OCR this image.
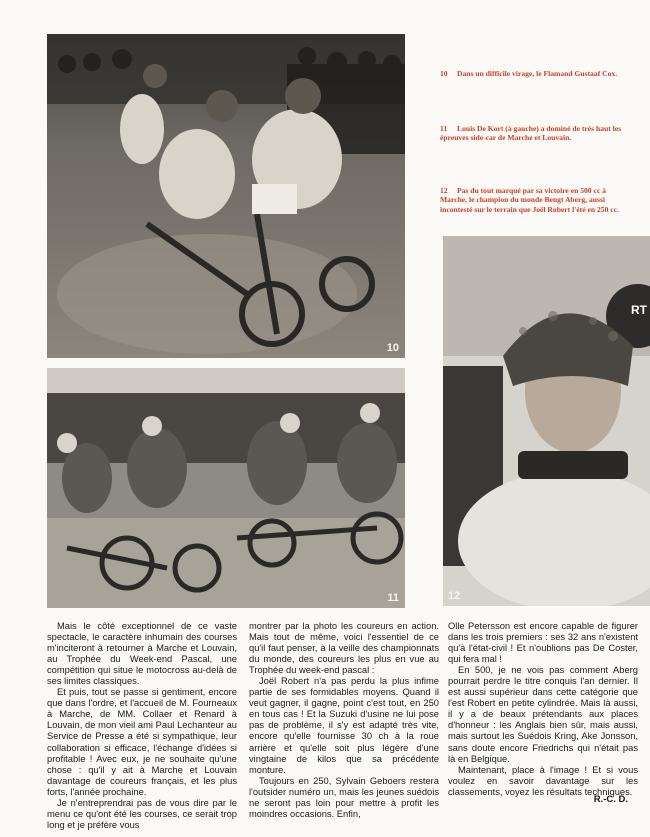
10
11
RT
12
10 Dans un difficile virage, le Flamand Gustaaf Cox.
11 Louis De Kort (à gauche) a dominé de très haut les épreuves side-car de Marche et Louvain.
12 Pas du tout marqué par sa victoire en 500 cc à Marche, le champion du monde Bengt Aberg, aussi incontesté sur le terrain que Joël Robert l'été en 250 cc.

Mais le côté exceptionnel de ce vaste spectacle, le caractère inhumain des courses m'inciteront à retourner à Marche et Louvain, au Trophée du Week-end Pascal, une compétition qui situe le motocross au-delà de ses limites classiques.

Et puis, tout se passe si gentiment, encore que dans l'ordre, et l'accueil de M. Fourneaux à Marche, de MM. Collaer et Renard à Louvain, de mon vieil ami Paul Lechanteur au Service de Presse a été si sympathique, leur collaboration si efficace, l'échange d'idées si profitable ! Avec eux, je ne souhaite qu'une chose : qu'il y ait à Marche et Louvain davantage de coureurs français, et les plus forts, l'année prochaine.

Je n'entreprendrai pas de vous dire par le menu ce qu'ont été les courses, ce serait trop long et je préfère vous

montrer par la photo les coureurs en action. Mais tout de même, voici l'essentiel de ce qu'il faut penser, à la veille des championnats du monde, des coureurs les plus en vue au Trophée du week-end pascal :

Joël Robert n'a pas perdu la plus infime partie de ses formidables moyens. Quand il veut gagner, il gagne, point c'est tout, en 250 en tous cas ! Et la Suzuki d'usine ne lui pose pas de problème, il s'y est adapté très vite, encore qu'elle fournisse 30 ch à la roue arrière et qu'elle soit plus légère d'une vingtaine de kilos que sa précédente monture.

Toujours en 250, Sylvain Geboers restera l'outsider numéro un, mais les jeunes suédois ne seront pas loin pour mettre à profit les moindres occasions. Enfin,

Olle Petersson est encore capable de figurer dans les trois premiers : ses 32 ans n'existent qu'à l'état-civil ! Et n'oublions pas De Coster, qui fera mal !

En 500, je ne vois pas comment Aberg pourrait perdre le titre conquis l'an dernier. Il est aussi supérieur dans cette catégorie que l'est Robert en petite cylindrée. Mais là aussi, il y a de beaux prétendants aux places d'honneur : les Anglais bien sûr, mais aussi, mais surtout les Suédois Kring, Ake Jonsson, sans doute encore Friedrichs qui n'était pas là en Belgique.

Maintenant, place à l'image ! Et si vous voulez en savoir davantage sur les classements, voyez les résultats techniques.

R.-C. D.
